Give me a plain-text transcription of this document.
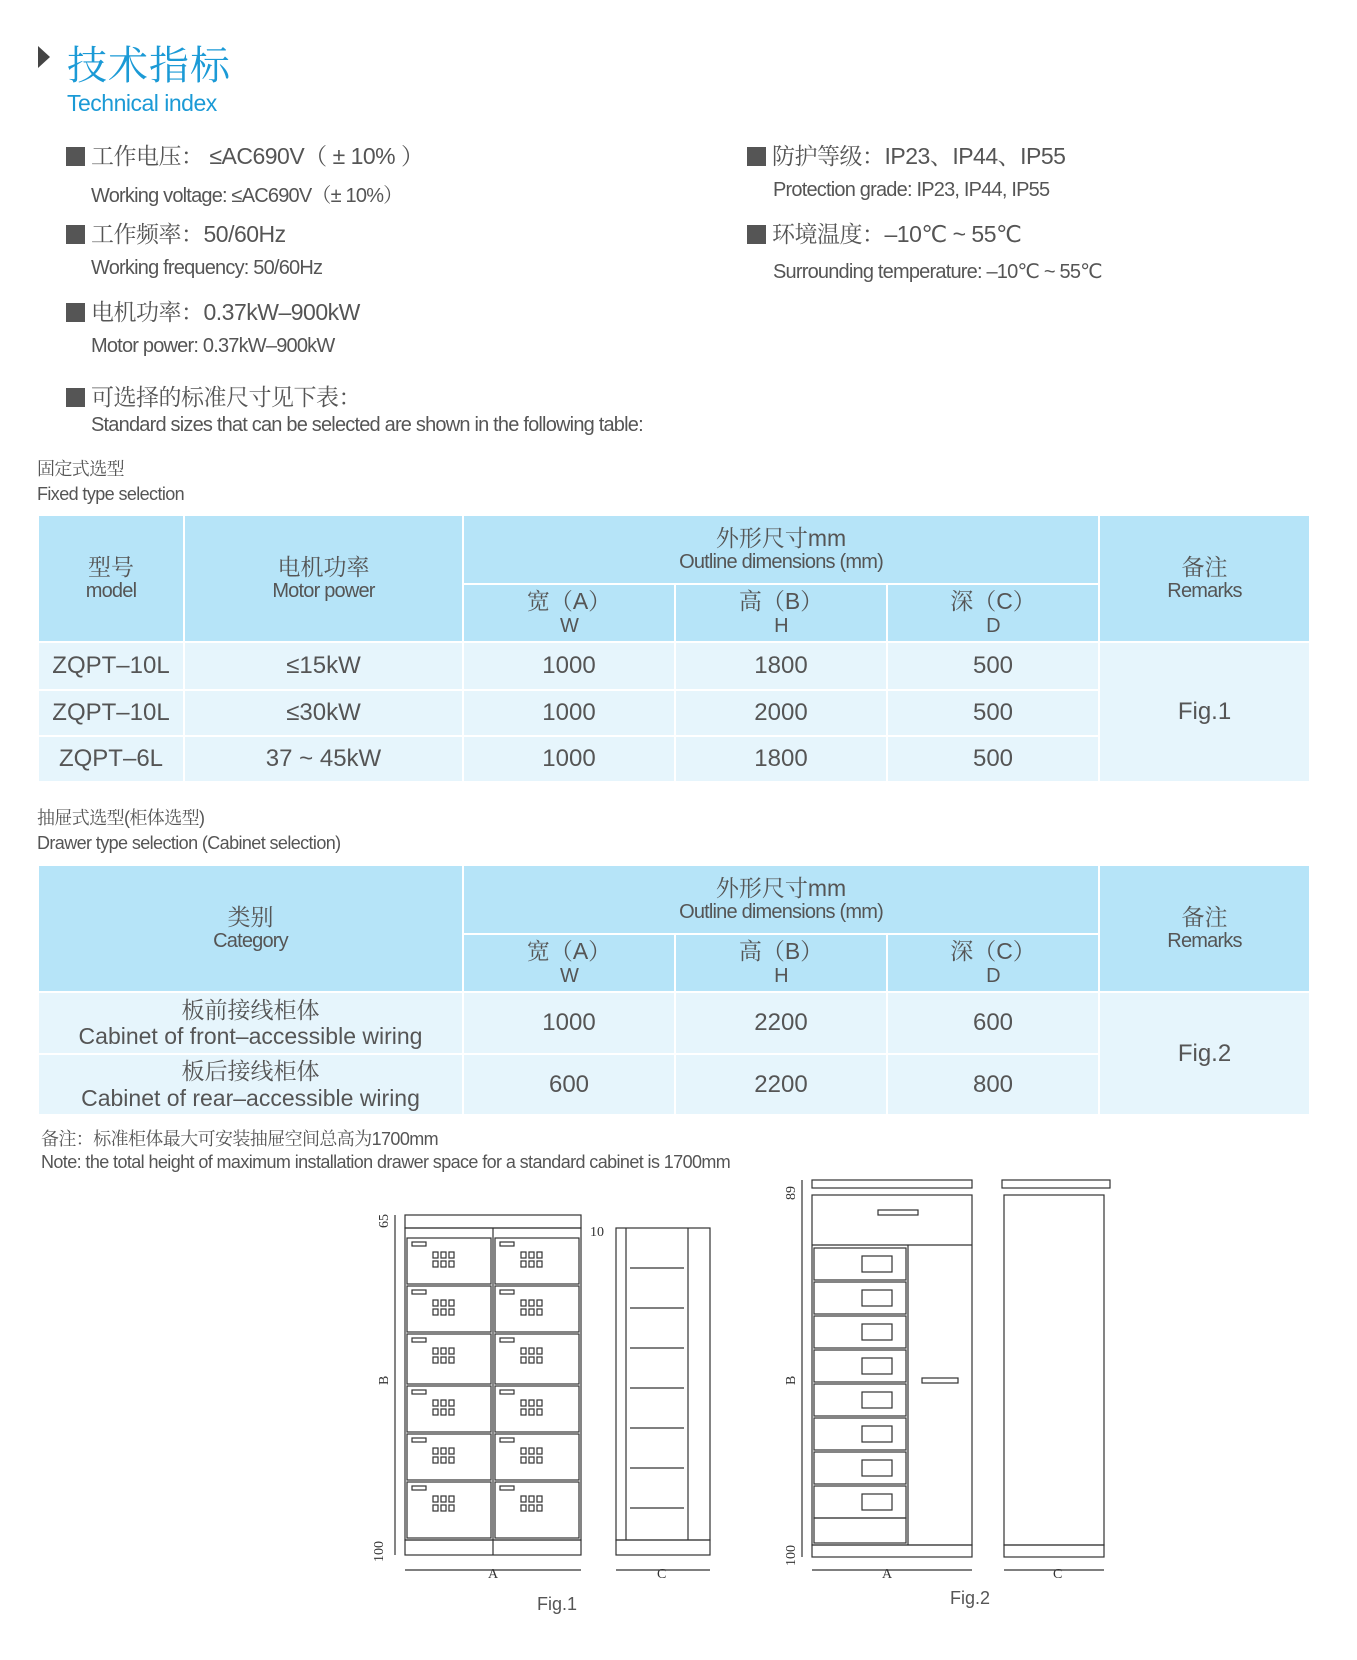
技术指标
Technical index
工作电压： ≤AC690V（ ± 10% ）
Working voltage: ≤AC690V（± 10%）
工作频率：50/60Hz
Working frequency: 50/60Hz
电机功率：0.37kW–900kW
Motor power: 0.37kW–900kW
可选择的标准尺寸见下表：
Standard sizes that can be selected are shown in the following table:
防护等级：IP23、IP44、IP55
Protection grade: IP23, IP44, IP55
环境温度：–10℃ ~ 55℃
Surrounding temperature: –10℃ ~ 55℃
固定式选型
Fixed type selection
型号
model	电机功率
Motor power	外形尺寸mm
Outline dimensions (mm)			备注
Remarks

		宽（A）
W	高（B）
H	深（C）
D	

ZQPT–10L	≤15kW	1000	1800	500	Fig.1
ZQPT–10L	≤30kW	1000	2000	500	
ZQPT–6L	37 ~ 45kW	1000	1800	500	
抽屉式选型(柜体选型)
Drawer type selection (Cabinet selection)
类别
Category	外形尺寸mm
Outline dimensions (mm)			备注
Remarks

	宽（A）
W	高（B）
H	深（C）
D	

板前接线柜体
Cabinet of front–accessible wiring	1000	2200	600	Fig.2

板后接线柜体
Cabinet of rear–accessible wiring	600	2200	800	
备注：标准柜体最大可安装抽屉空间总高为1700mm
Note: the total height of maximum installation drawer space for a standard cabinet is 1700mm
65
10
B
100
A	C
89
B
100
A	C
Fig.1	Fig.2
